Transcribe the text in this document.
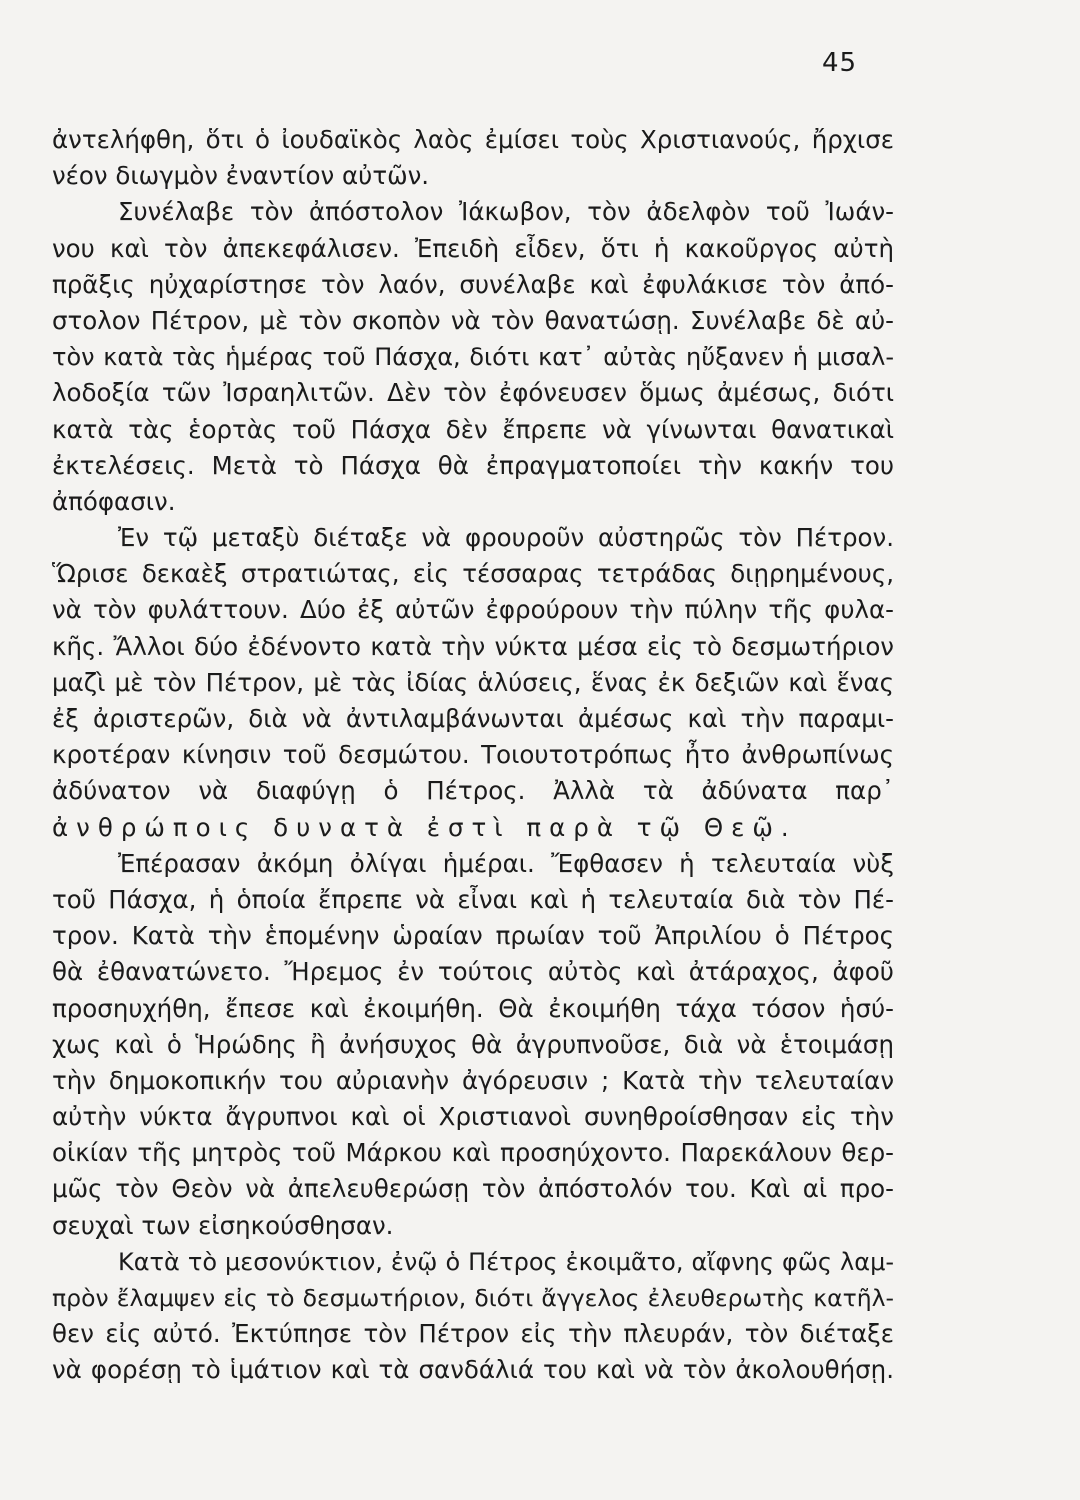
45
ἀντελήφθη, ὅτι ὁ ἰουδαϊκὸς λαὸς ἐμίσει τοὺς Χριστιανούς, ἤρχισε
νέον διωγμὸν ἐναντίον αὐτῶν.
Συνέλαβε τὸν ἀπόστολον Ἰάκωβον, τὸν ἀδελφὸν τοῦ Ἰωάν-
νου καὶ τὸν ἀπεκεφάλισεν. Ἐπειδὴ εἶδεν, ὅτι ἡ κακοῦργος αὐτὴ
πρᾶξις ηὐχαρίστησε τὸν λαόν, συνέλαβε καὶ ἐφυλάκισε τὸν ἀπό-
στολον Πέτρον, μὲ τὸν σκοπὸν νὰ τὸν θανατώσῃ. Συνέλαβε δὲ αὐ-
τὸν κατὰ τὰς ἡμέρας τοῦ Πάσχα, διότι κατ᾽ αὐτὰς ηὔξανεν ἡ μισαλ-
λοδοξία τῶν Ἰσραηλιτῶν. Δὲν τὸν ἐφόνευσεν ὅμως ἀμέσως, διότι
κατὰ τὰς ἑορτὰς τοῦ Πάσχα δὲν ἔπρεπε νὰ γίνωνται θανατικαὶ
ἐκτελέσεις. Μετὰ τὸ Πάσχα θὰ ἐπραγματοποίει τὴν κακήν του
ἀπόφασιν.
Ἐν τῷ μεταξὺ διέταξε νὰ φρουροῦν αὐστηρῶς τὸν Πέτρον.
Ὥρισε δεκαὲξ στρατιώτας, εἰς τέσσαρας τετράδας διῃρημένους,
νὰ τὸν φυλάττουν. Δύο ἐξ αὐτῶν ἐφρούρουν τὴν πύλην τῆς φυλα-
κῆς. Ἄλλοι δύο ἐδένοντο κατὰ τὴν νύκτα μέσα εἰς τὸ δεσμωτήριον
μαζὶ μὲ τὸν Πέτρον, μὲ τὰς ἰδίας ἁλύσεις, ἕνας ἐκ δεξιῶν καὶ ἕνας
ἐξ ἀριστερῶν, διὰ νὰ ἀντιλαμβάνωνται ἀμέσως καὶ τὴν παραμι-
κροτέραν κίνησιν τοῦ δεσμώτου. Τοιουτοτρόπως ἦτο ἀνθρωπίνως
ἀδύνατον νὰ διαφύγῃ ὁ Πέτρος. Ἀλλὰ τὰ ἀδύνατα παρ᾽
ἀνθρώποις δυνατὰ ἐστὶ παρὰ τῷ Θεῷ.
Ἐπέρασαν ἀκόμη ὀλίγαι ἡμέραι. Ἔφθασεν ἡ τελευταία νὺξ
τοῦ Πάσχα, ἡ ὁποία ἔπρεπε νὰ εἶναι καὶ ἡ τελευταία διὰ τὸν Πέ-
τρον. Κατὰ τὴν ἑπομένην ὡραίαν πρωίαν τοῦ Ἀπριλίου ὁ Πέτρος
θὰ ἐθανατώνετο. Ἤρεμος ἐν τούτοις αὐτὸς καὶ ἀτάραχος, ἀφοῦ
προσηυχήθη, ἔπεσε καὶ ἐκοιμήθη. Θὰ ἐκοιμήθη τάχα τόσον ἡσύ-
χως καὶ ὁ Ἡρώδης ἢ ἀνήσυχος θὰ ἀγρυπνοῦσε, διὰ νὰ ἑτοιμάσῃ
τὴν δημοκοπικήν του αὐριανὴν ἀγόρευσιν ; Κατὰ τὴν τελευταίαν
αὐτὴν νύκτα ἄγρυπνοι καὶ οἱ Χριστιανοὶ συνηθροίσθησαν εἰς τὴν
οἰκίαν τῆς μητρὸς τοῦ Μάρκου καὶ προσηύχοντο. Παρεκάλουν θερ-
μῶς τὸν Θεὸν νὰ ἀπελευθερώσῃ τὸν ἀπόστολόν του. Καὶ αἱ προ-
σευχαὶ των εἰσηκούσθησαν.
Κατὰ τὸ μεσονύκτιον, ἐνῷ ὁ Πέτρος ἐκοιμᾶτο, αἴφνης φῶς λαμ-
πρὸν ἔλαμψεν εἰς τὸ δεσμωτήριον, διότι ἄγγελος ἐλευθερωτὴς κατῆλ-
θεν εἰς αὐτό. Ἐκτύπησε τὸν Πέτρον εἰς τὴν πλευράν, τὸν διέταξε
νὰ φορέσῃ τὸ ἱμάτιον καὶ τὰ σανδάλιά του καὶ νὰ τὸν ἀκολουθήσῃ.
